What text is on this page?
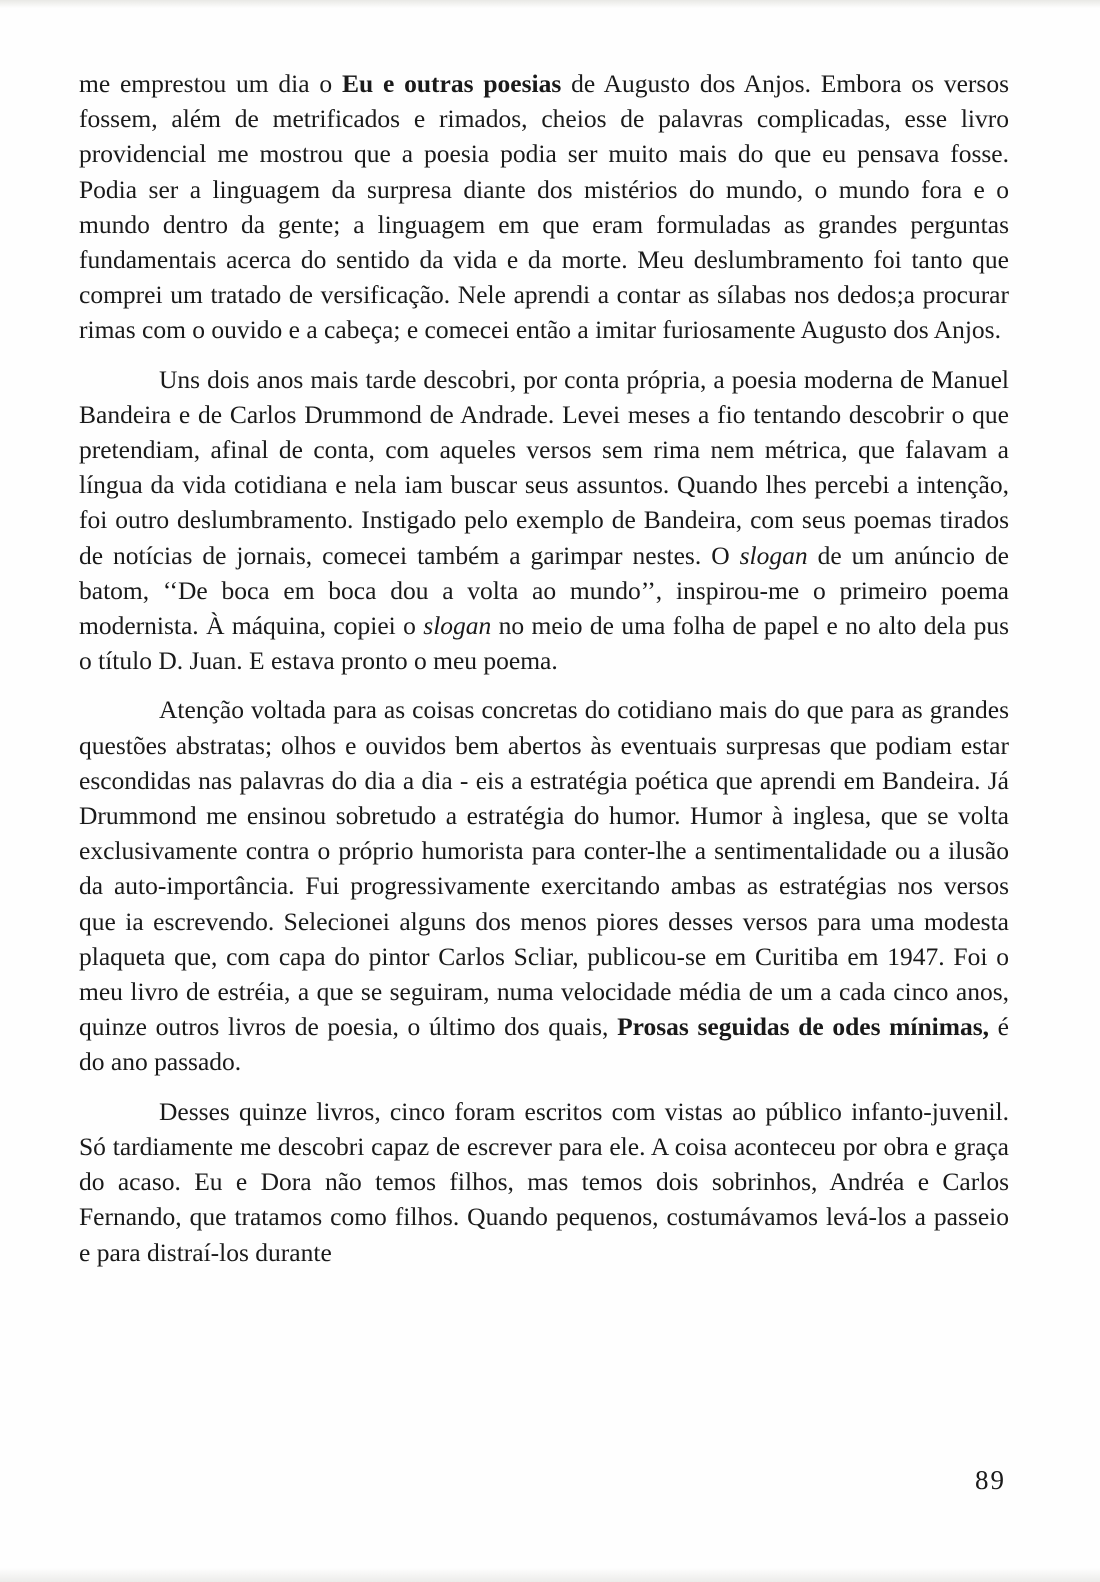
me emprestou um dia o Eu e outras poesias de Augusto dos Anjos. Embora os versos fossem, além de metrificados e rimados, cheios de palavras complicadas, esse livro providencial me mostrou que a poesia podia ser muito mais do que eu pensava fosse. Podia ser a linguagem da surpresa diante dos mistérios do mundo, o mundo fora e o mundo dentro da gente; a linguagem em que eram formuladas as grandes perguntas fundamentais acerca do sentido da vida e da morte. Meu deslumbramento foi tanto que comprei um tratado de versificação. Nele aprendi a contar as sílabas nos dedos;a procurar rimas com o ouvido e a cabeça; e comecei então a imitar furiosamente Augusto dos Anjos.

Uns dois anos mais tarde descobri, por conta própria, a poesia moderna de Manuel Bandeira e de Carlos Drummond de Andrade. Levei meses a fio tentando descobrir o que pretendiam, afinal de conta, com aqueles versos sem rima nem métrica, que falavam a língua da vida cotidiana e nela iam buscar seus assuntos. Quando lhes percebi a intenção, foi outro deslumbramento. Instigado pelo exemplo de Bandeira, com seus poemas tirados de notícias de jornais, comecei também a garimpar nestes. O slogan de um anúncio de batom, ‘‘De boca em boca dou a volta ao mundo’’, inspirou-me o primeiro poema modernista. À máquina, copiei o slogan no meio de uma folha de papel e no alto dela pus o título D. Juan. E estava pronto o meu poema.

Atenção voltada para as coisas concretas do cotidiano mais do que para as grandes questões abstratas; olhos e ouvidos bem abertos às eventuais surpresas que podiam estar escondidas nas palavras do dia a dia - eis a estratégia poética que aprendi em Bandeira. Já Drummond me ensinou sobretudo a estratégia do humor. Humor à inglesa, que se volta exclusivamente contra o próprio humorista para conter-lhe a sentimentalidade ou a ilusão da auto-importância. Fui progressivamente exercitando ambas as estratégias nos versos que ia escrevendo. Selecionei alguns dos menos piores desses versos para uma modesta plaqueta que, com capa do pintor Carlos Scliar, publicou-se em Curitiba em 1947. Foi o meu livro de estréia, a que se seguiram, numa velocidade média de um a cada cinco anos, quinze outros livros de poesia, o último dos quais, Prosas seguidas de odes mínimas, é do ano passado.

Desses quinze livros, cinco foram escritos com vistas ao público infanto-juvenil. Só tardiamente me descobri capaz de escrever para ele. A coisa aconteceu por obra e graça do acaso. Eu e Dora não temos filhos, mas temos dois sobrinhos, Andréa e Carlos Fernando, que tratamos como filhos. Quando pequenos, costumávamos levá-los a passeio e para distraí-los durante

89
